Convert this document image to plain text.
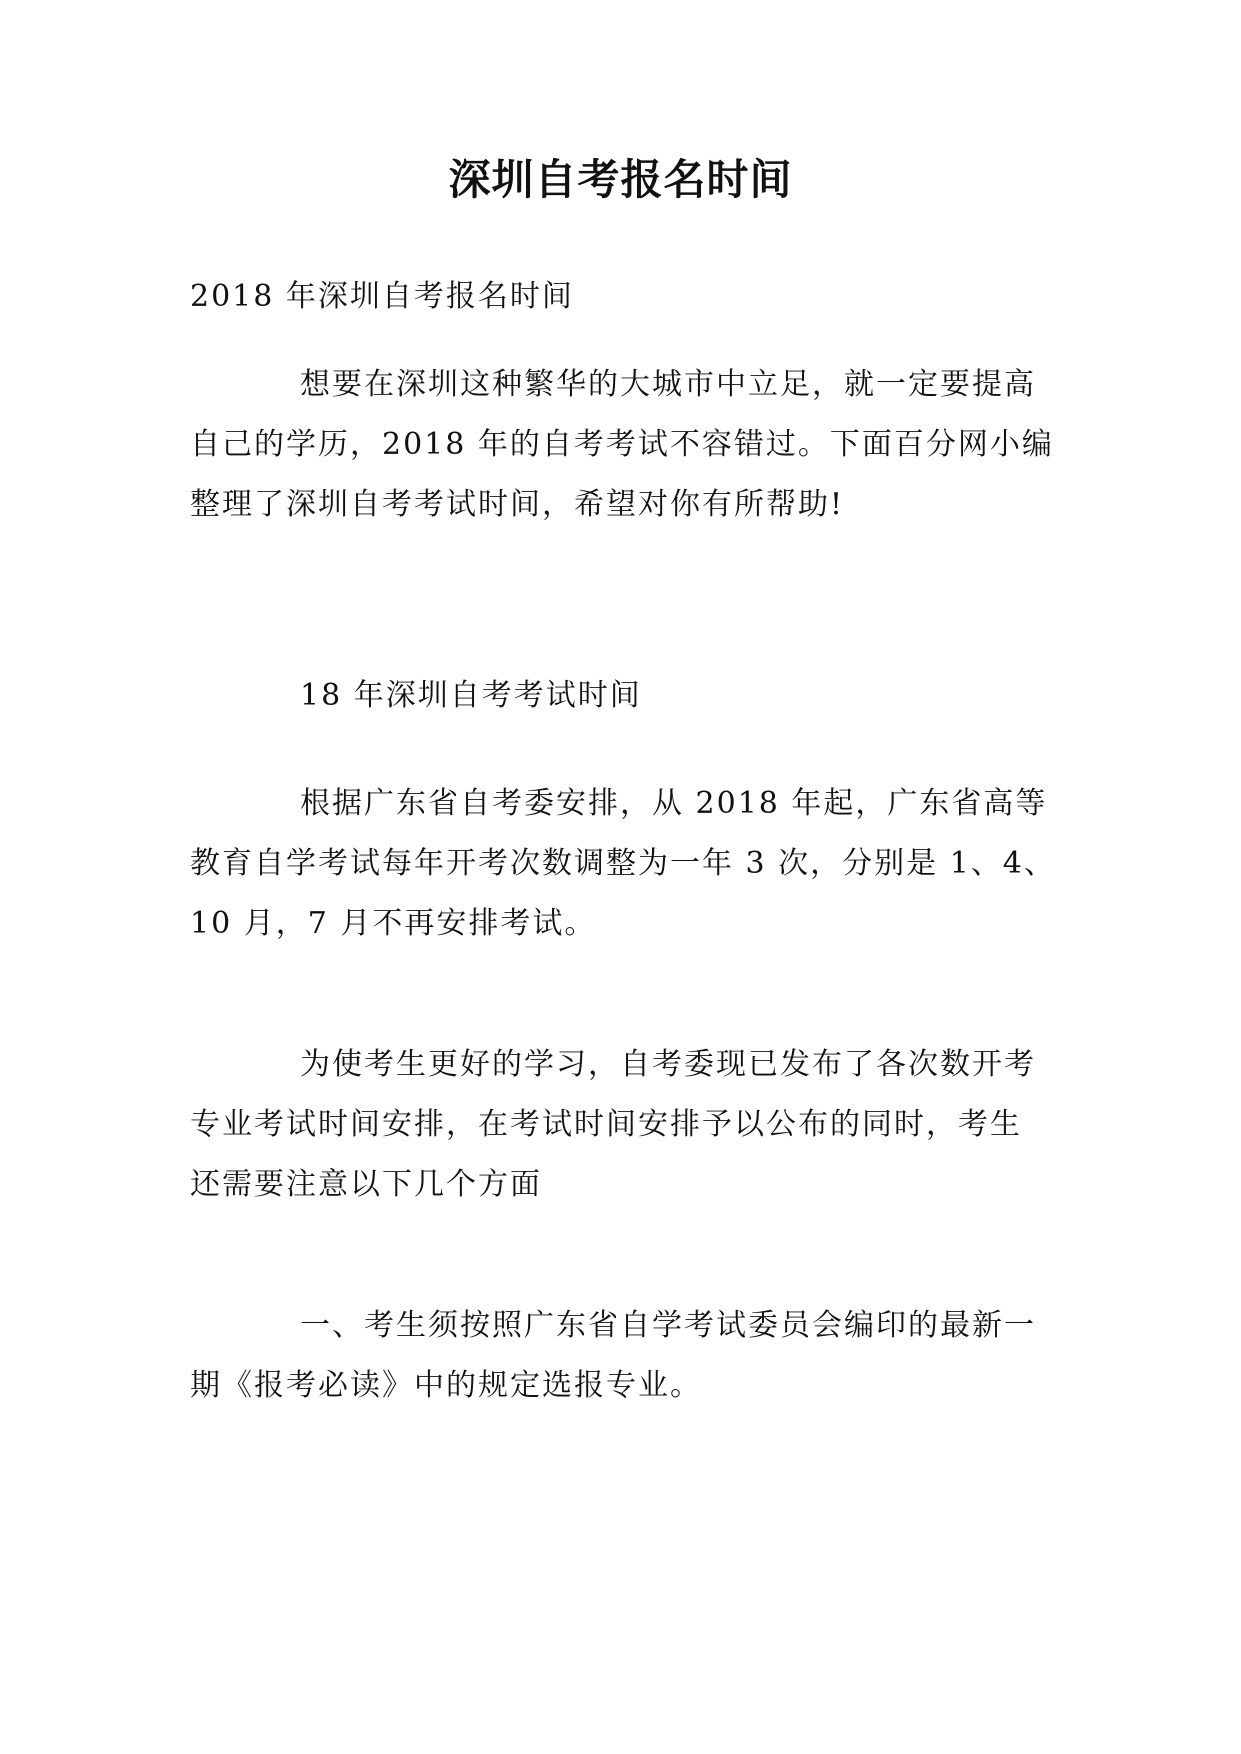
深圳自考报名时间

2018 年深圳自考报名时间

想要在深圳这种繁华的大城市中立足，就一定要提高
自己的学历，2018 年的自考考试不容错过。下面百分网小编
整理了深圳自考考试时间，希望对你有所帮助!

18 年深圳自考考试时间

根据广东省自考委安排，从 2018 年起，广东省高等
教育自学考试每年开考次数调整为一年 3 次，分别是 1、4、
10 月，7 月不再安排考试。

为使考生更好的学习，自考委现已发布了各次数开考
专业考试时间安排，在考试时间安排予以公布的同时，考生
还需要注意以下几个方面

一、考生须按照广东省自学考试委员会编印的最新一
期《报考必读》中的规定选报专业。
